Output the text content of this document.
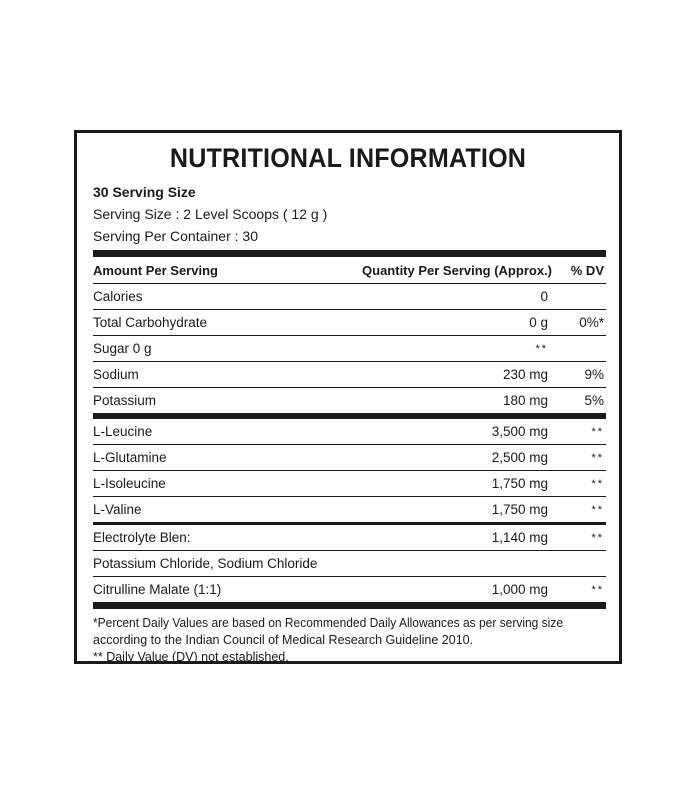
NUTRITIONAL INFORMATION
30 Serving Size
Serving Size : 2 Level Scoops ( 12 g )
Serving Per Container : 30
Amount Per Serving	Quantity Per Serving (Approx.)	% DV
Calories	0
Total Carbohydrate	0 g	0%*
Sugar 0 g	**
Sodium	230 mg	9%
Potassium	180 mg	5%
L-Leucine	3,500 mg	**
L-Glutamine	2,500 mg	**
L-Isoleucine	1,750 mg	**
L-Valine	1,750 mg	**
Electrolyte Blen:	1,140 mg	**
Potassium Chloride, Sodium Chloride
Citrulline Malate (1:1)	1,000 mg	**

*Percent Daily Values are based on Recommended Daily Allowances as per serving size

according to the Indian Council of Medical Research Guideline 2010.

** Daily Value (DV) not established.
